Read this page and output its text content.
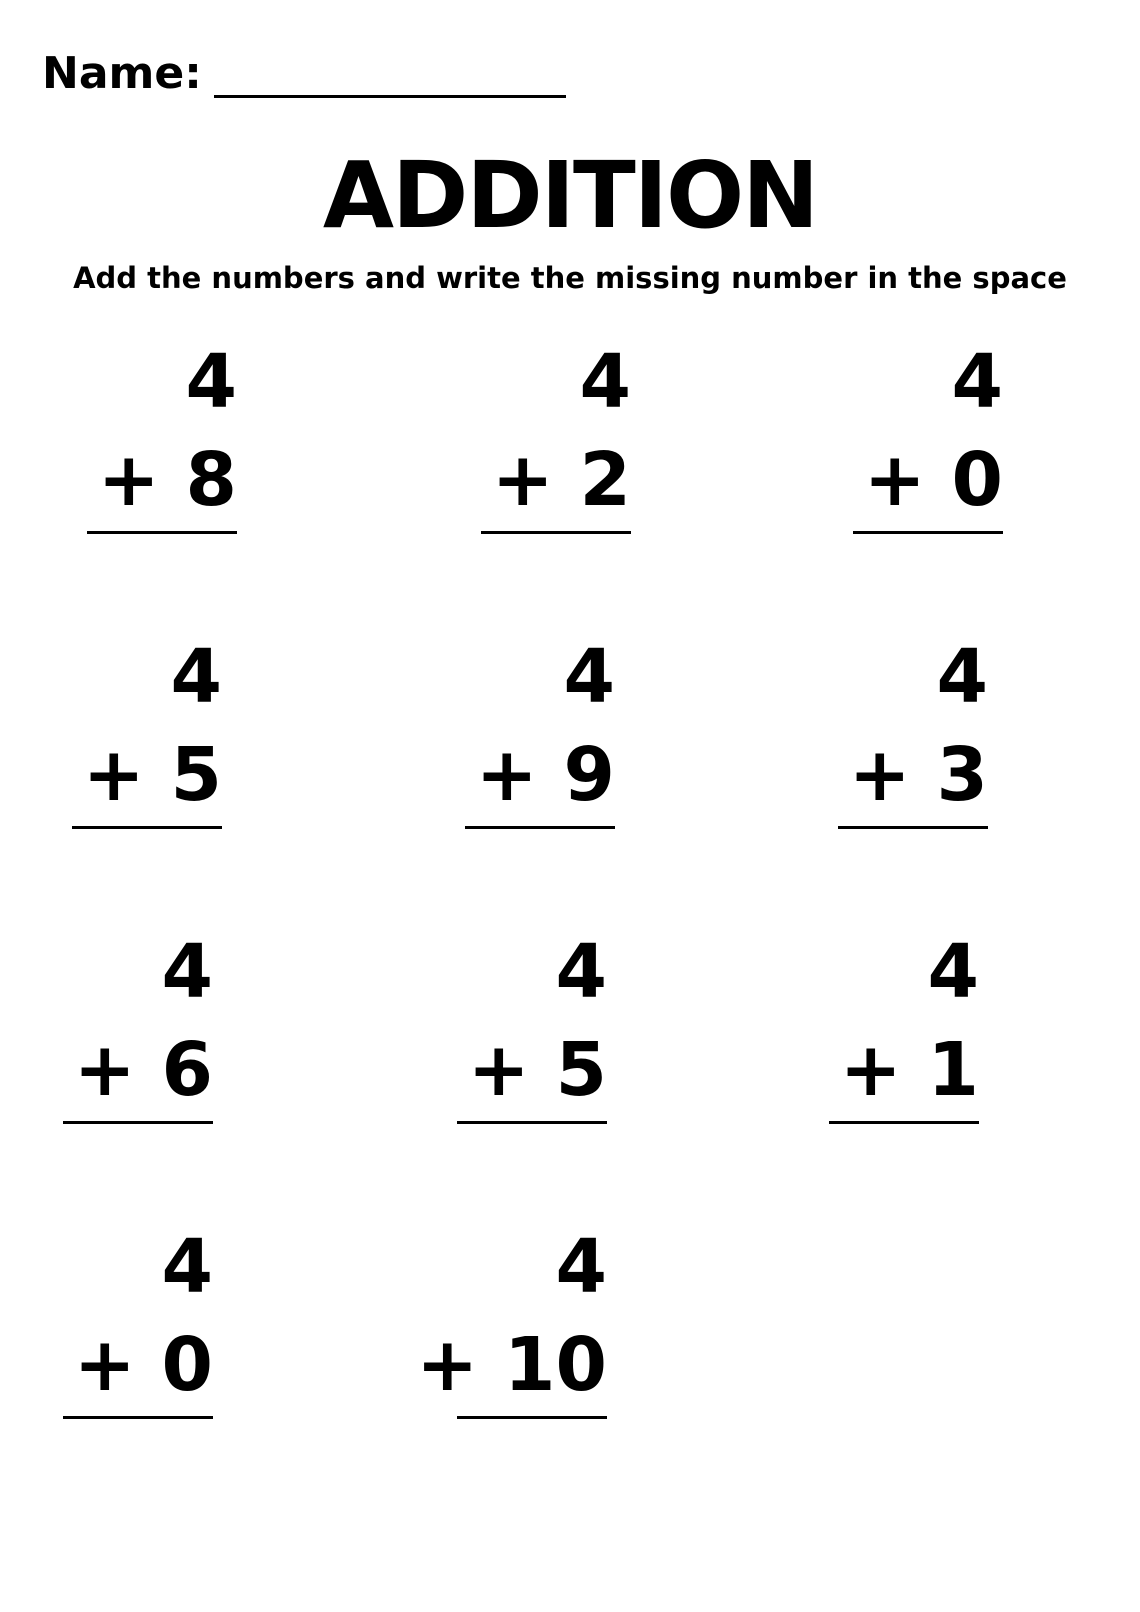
Name:
ADDITION
Add the numbers and write the missing number in the space
4
+ 8
4
+ 2
4
+ 0
4
+ 5
4
+ 9
4
+ 3
4
+ 6
4
+ 5
4
+ 1
4
+ 0
4
+ 10
